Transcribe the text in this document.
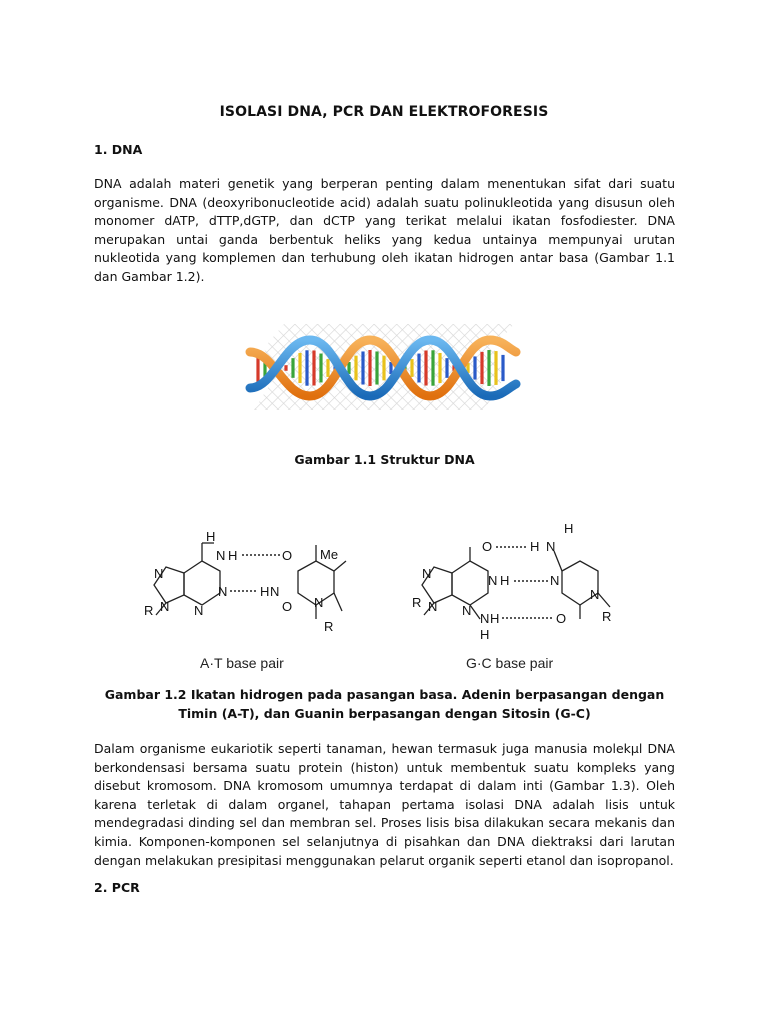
ISOLASI DNA, PCR DAN ELEKTROFORESIS
1. DNA

DNA adalah materi genetik yang berperan penting dalam menentukan sifat dari suatu organisme. DNA (deoxyribonucleotide acid) adalah suatu polinukleotida yang disusun oleh monomer dATP, dTTP,dGTP, dan dCTP yang terikat melalui ikatan fosfodiester. DNA merupakan untai ganda berbentuk heliks yang kedua untainya mempunyai urutan nukleotida yang komplemen dan terhubung oleh ikatan hidrogen antar basa (Gambar 1.1 dan Gambar 1.2).

Gambar 1.1 Struktur DNA
H
N H	O Me
N
N	H N
N N	O N
R
R
H
O	H N
N	N H	N
N N
N
R
N H	O	R
H
A·T base pair	G·C base pair

Gambar 1.2 Ikatan hidrogen pada pasangan basa. Adenin berpasangan dengan Timin (A-T), dan Guanin berpasangan dengan Sitosin (G-C)

Dalam organisme eukariotik seperti tanaman, hewan termasuk juga manusia molekµl DNA berkondensasi bersama suatu protein (histon) untuk membentuk suatu kompleks yang disebut kromosom. DNA kromosom umumnya terdapat di dalam inti (Gambar 1.3). Oleh karena terletak di dalam organel, tahapan pertama isolasi DNA adalah lisis untuk mendegradasi dinding sel dan membran sel. Proses lisis bisa dilakukan secara mekanis dan kimia. Komponen-komponen sel selanjutnya di pisahkan dan DNA diektraksi dari larutan dengan melakukan presipitasi menggunakan pelarut organik seperti etanol dan isopropanol.

2. PCR
